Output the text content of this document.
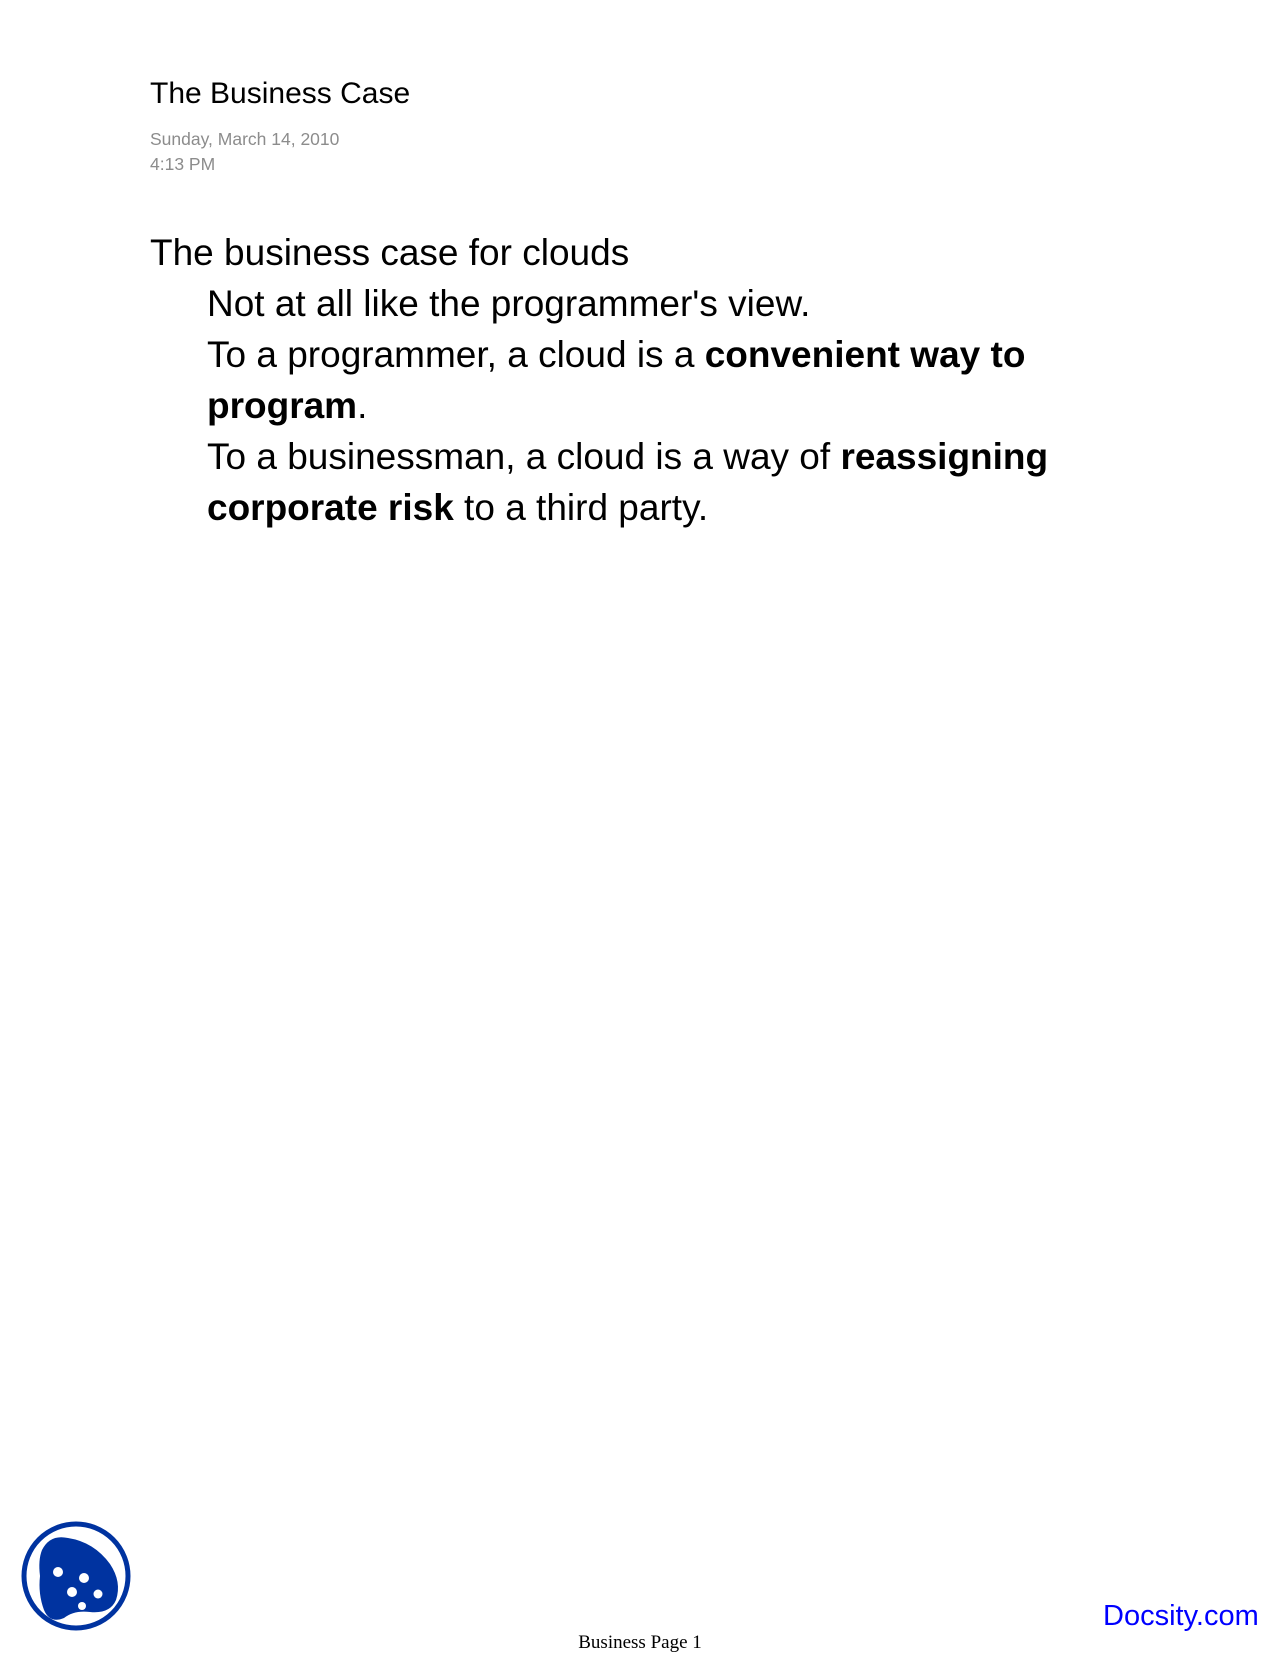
The Business Case
Sunday, March 14, 2010
4:13 PM
The business case for clouds

Not at all like the programmer's view.

To a programmer, a cloud is a convenient way to program.

To a businessman, a cloud is a way of reassigning corporate risk to a third party.

Docsity.com
Business Page 1
